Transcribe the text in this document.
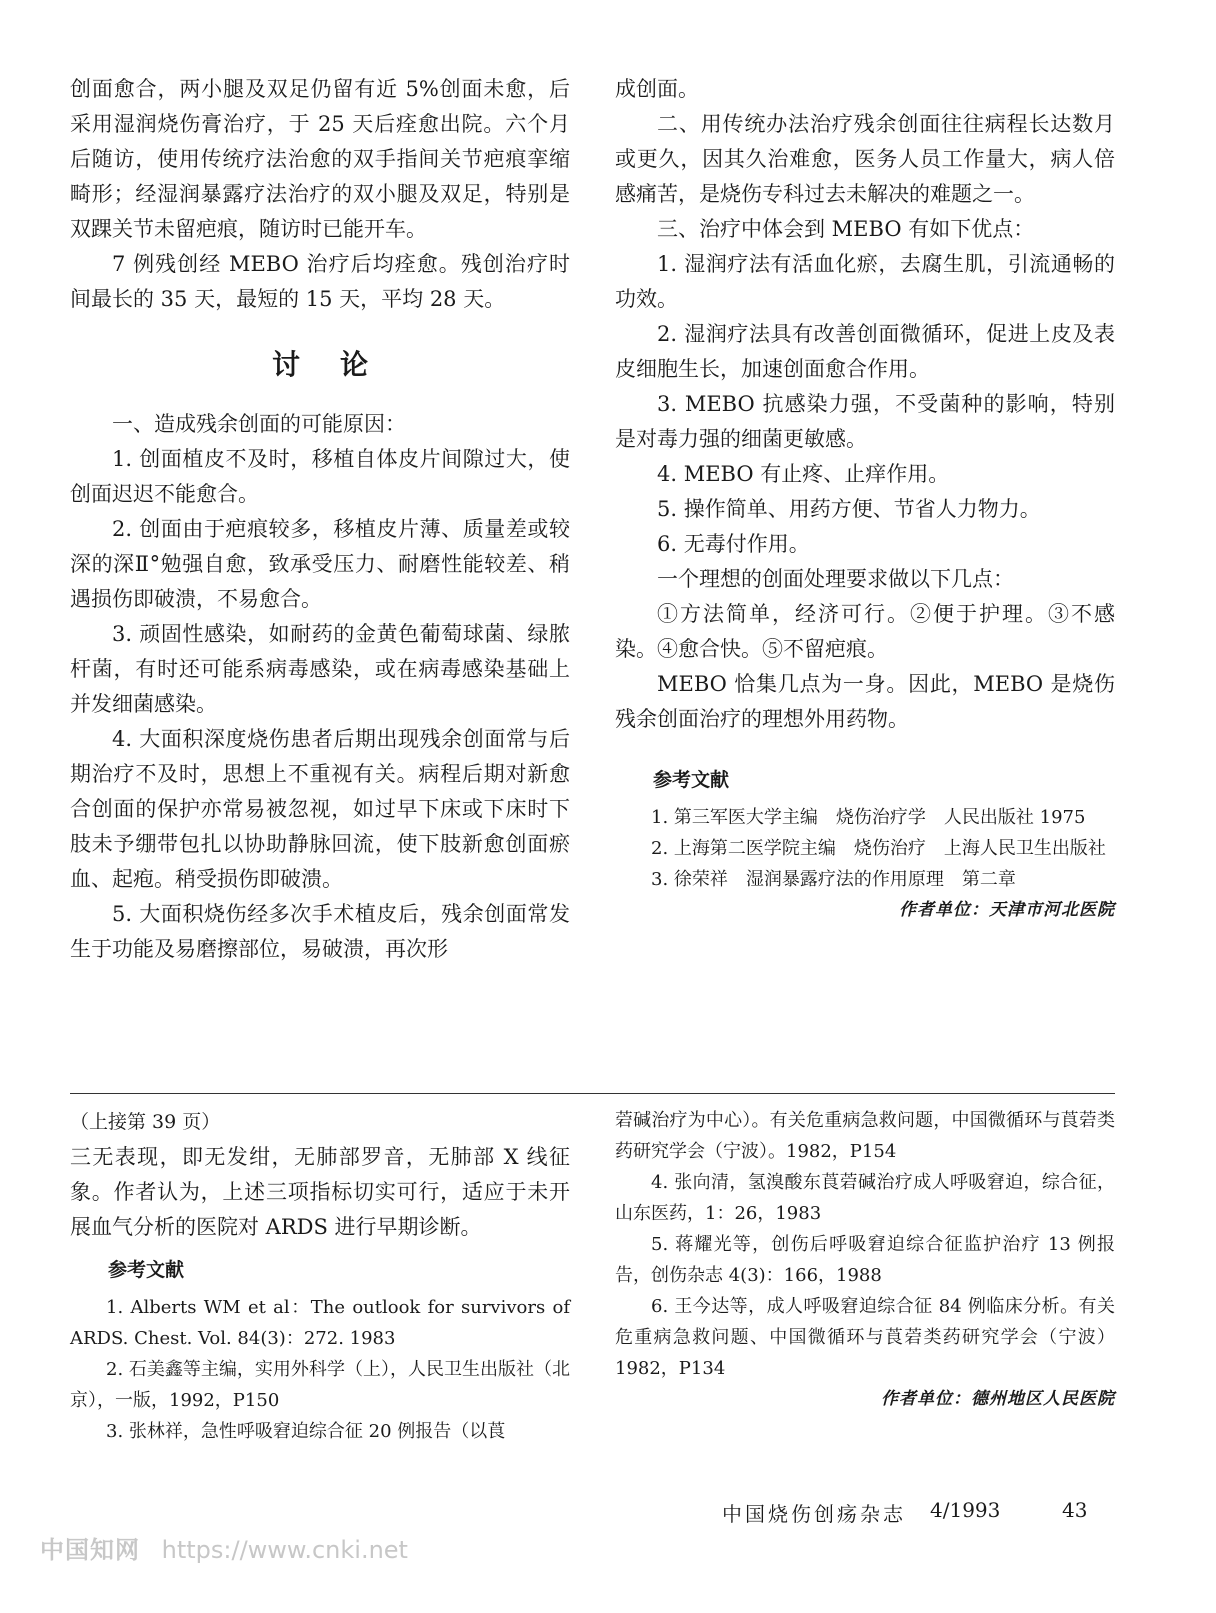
创面愈合，两小腿及双足仍留有近 5%创面未愈，后采用湿润烧伤膏治疗，于 25 天后痊愈出院。六个月后随访，使用传统疗法治愈的双手指间关节疤痕挛缩畸形；经湿润暴露疗法治疗的双小腿及双足，特别是双踝关节未留疤痕，随访时已能开车。

7 例残创经 MEBO 治疗后均痊愈。残创治疗时间最长的 35 天，最短的 15 天，平均 28 天。

讨论

一、造成残余创面的可能原因：

1. 创面植皮不及时，移植自体皮片间隙过大，使创面迟迟不能愈合。

2. 创面由于疤痕较多，移植皮片薄、质量差或较深的深Ⅱ°勉强自愈，致承受压力、耐磨性能较差、稍遇损伤即破溃，不易愈合。

3. 顽固性感染，如耐药的金黄色葡萄球菌、绿脓杆菌，有时还可能系病毒感染，或在病毒感染基础上并发细菌感染。

4. 大面积深度烧伤患者后期出现残余创面常与后期治疗不及时，思想上不重视有关。病程后期对新愈合创面的保护亦常易被忽视，如过早下床或下床时下肢未予绷带包扎以协助静脉回流，使下肢新愈创面瘀血、起疱。稍受损伤即破溃。

5. 大面积烧伤经多次手术植皮后，残余创面常发生于功能及易磨擦部位，易破溃，再次形

成创面。

二、用传统办法治疗残余创面往往病程长达数月或更久，因其久治难愈，医务人员工作量大，病人倍感痛苦，是烧伤专科过去未解决的难题之一。

三、治疗中体会到 MEBO 有如下优点：

1. 湿润疗法有活血化瘀，去腐生肌，引流通畅的功效。

2. 湿润疗法具有改善创面微循环，促进上皮及表皮细胞生长，加速创面愈合作用。

3. MEBO 抗感染力强，不受菌种的影响，特别是对毒力强的细菌更敏感。

4. MEBO 有止疼、止痒作用。

5. 操作简单、用药方便、节省人力物力。

6. 无毒付作用。

一个理想的创面处理要求做以下几点：

①方法简单，经济可行。②便于护理。③不感染。④愈合快。⑤不留疤痕。

MEBO 恰集几点为一身。因此，MEBO 是烧伤残余创面治疗的理想外用药物。

参考文献

1. 第三军医大学主编　烧伤治疗学　人民出版社 1975

2. 上海第二医学院主编　烧伤治疗　上海人民卫生出版社

3. 徐荣祥　湿润暴露疗法的作用原理　第二章

作者单位：天津市河北医院

（上接第 39 页）

三无表现，即无发绀，无肺部罗音，无肺部 X 线征象。作者认为，上述三项指标切实可行，适应于未开展血气分析的医院对 ARDS 进行早期诊断。

参考文献

1. Alberts WM et al：The outlook for survivors of ARDS. Chest. Vol. 84(3)：272. 1983

2. 石美鑫等主编，实用外科学（上），人民卫生出版社（北京），一版，1992，P150

3. 张林祥，急性呼吸窘迫综合征 20 例报告（以莨

菪碱治疗为中心）。有关危重病急救问题，中国微循环与莨菪类药研究学会（宁波）。1982，P154

4. 张向清，氢溴酸东莨菪碱治疗成人呼吸窘迫，综合征，山东医药，1：26，1983

5. 蒋耀光等，创伤后呼吸窘迫综合征监护治疗 13 例报告，创伤杂志 4(3)：166，1988

6. 王今达等，成人呼吸窘迫综合征 84 例临床分析。有关危重病急救问题、中国微循环与莨菪类药研究学会（宁波）1982，P134

作者单位：德州地区人民医院

中国烧伤创疡杂志 4/1993	43
中国知网 https://www.cnki.net
